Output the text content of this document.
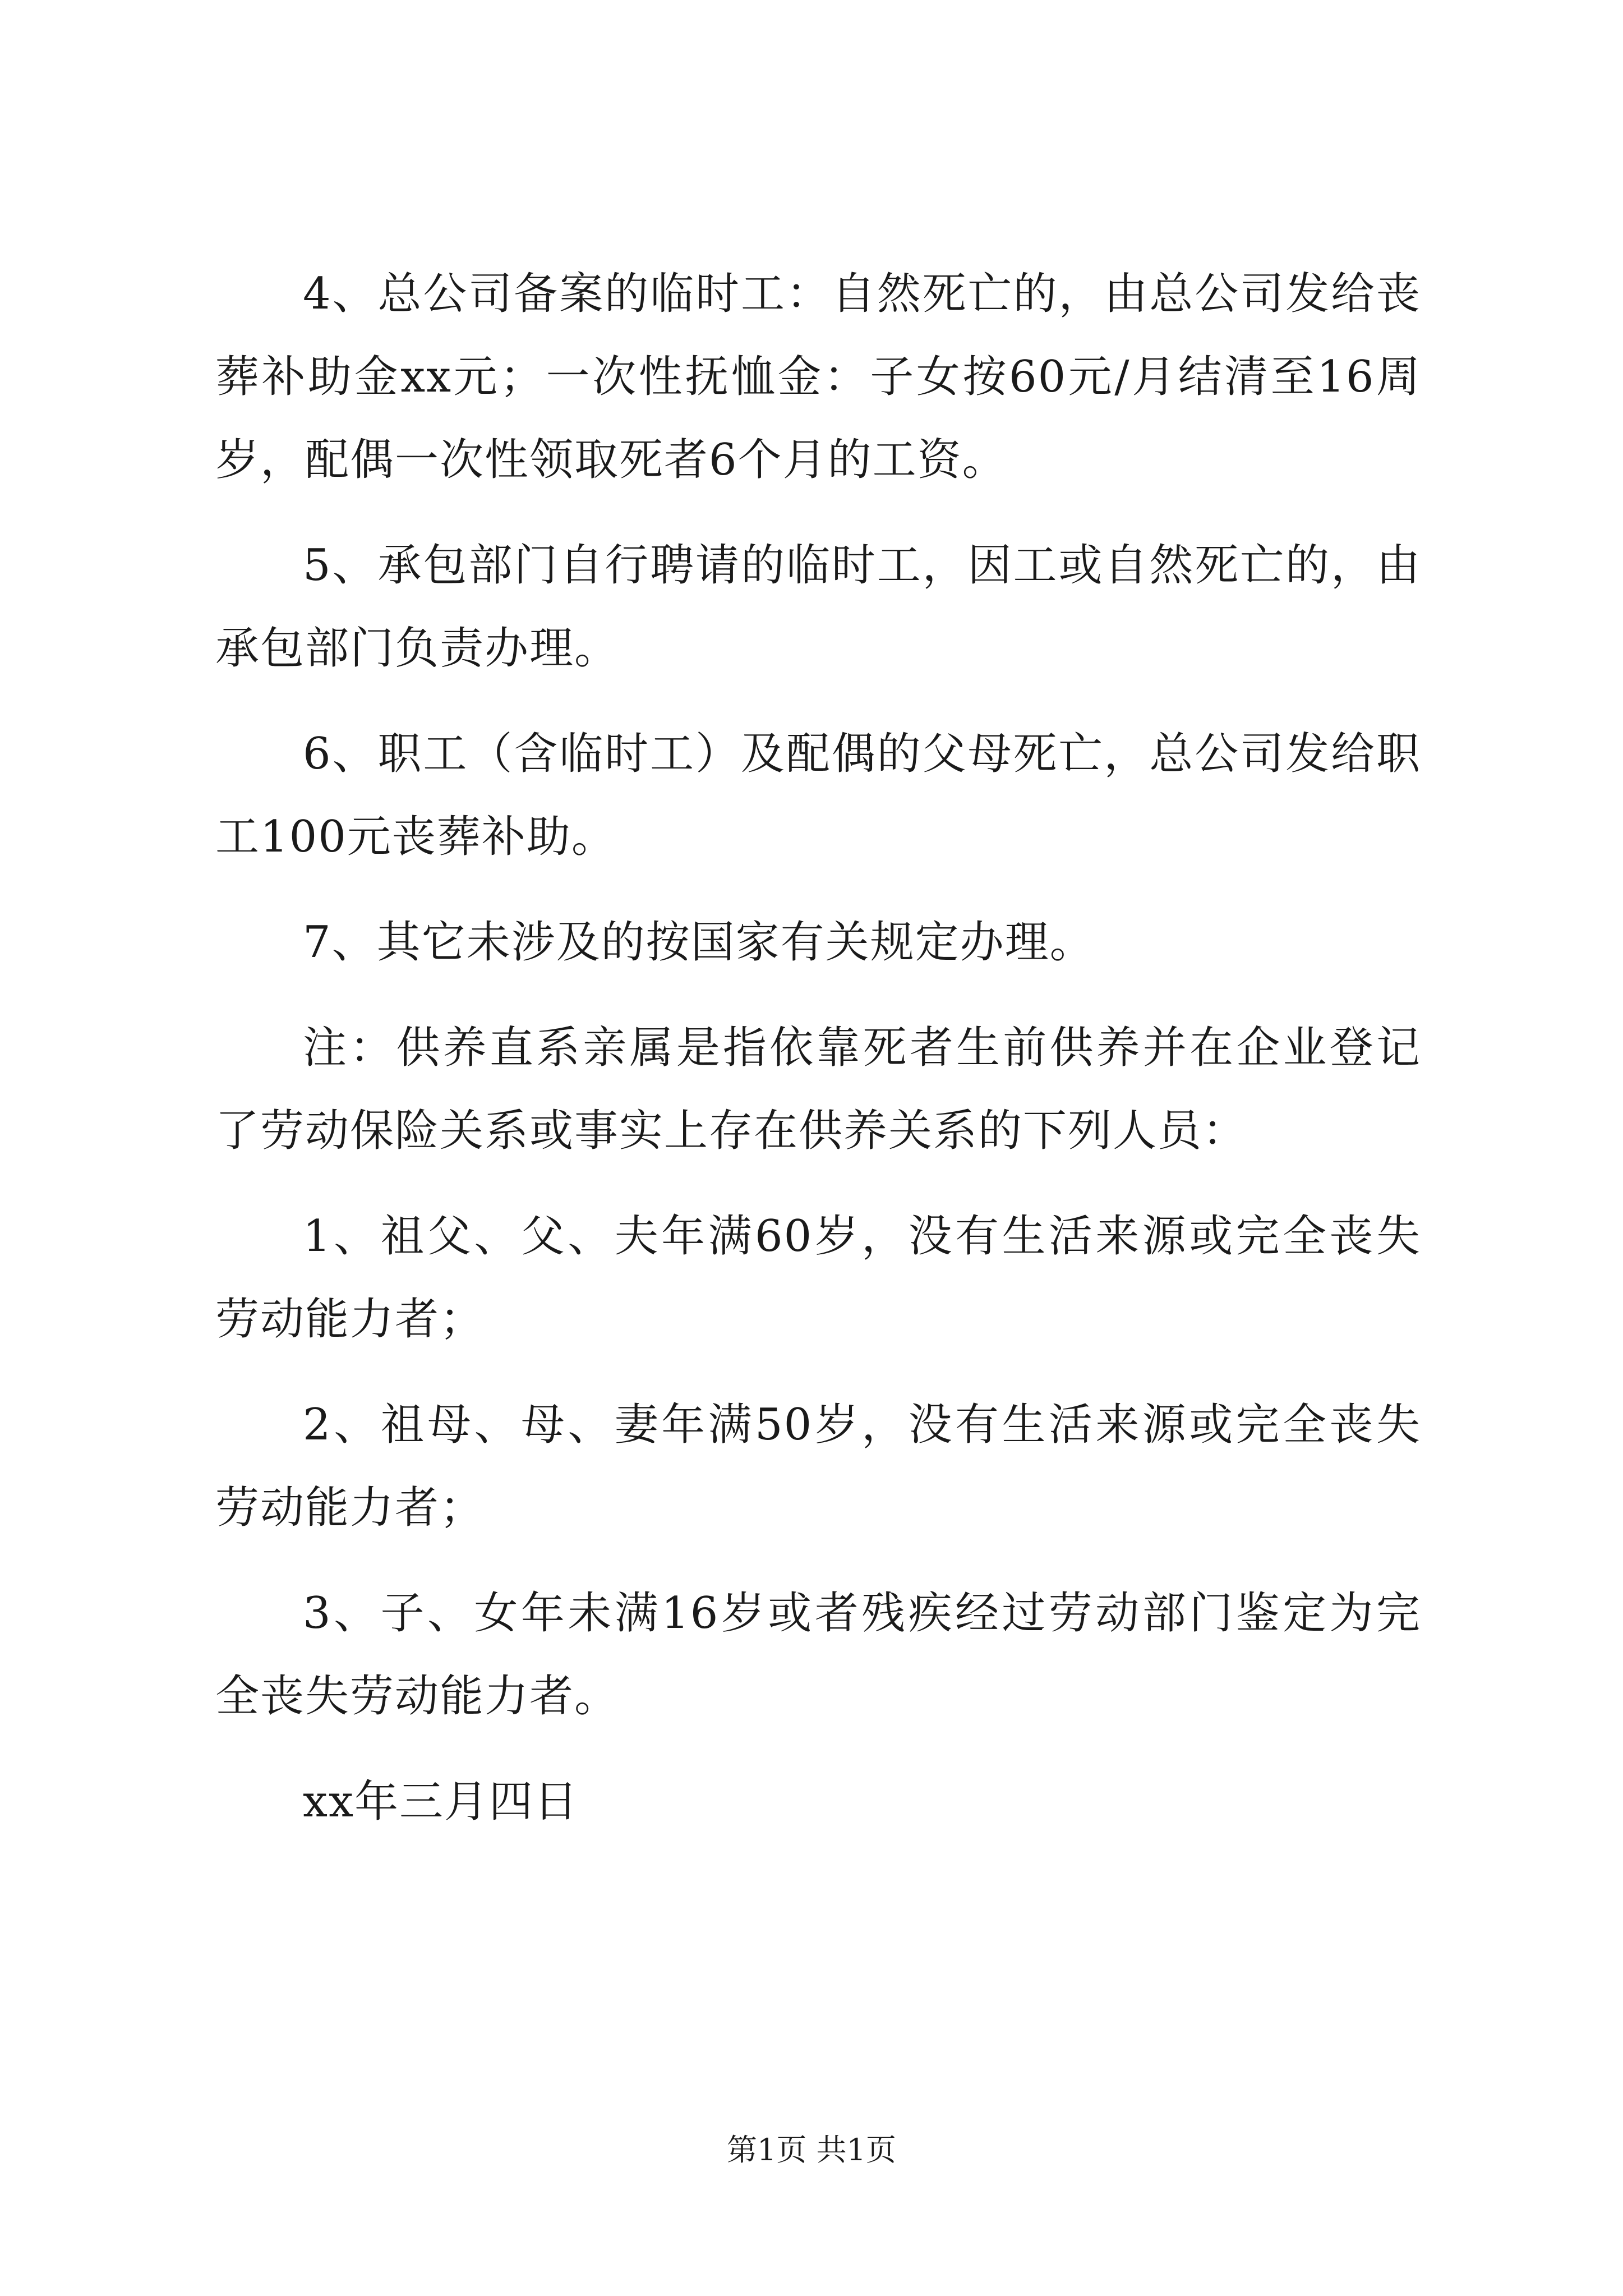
4、总公司备案的临时工：自然死亡的，由总公司发给丧葬补助金xx元；一次性抚恤金：子女按60元/月结清至16周岁，配偶一次性领取死者6个月的工资。

5、承包部门自行聘请的临时工，因工或自然死亡的，由承包部门负责办理。

6、职工（含临时工）及配偶的父母死亡，总公司发给职工100元丧葬补助。

7、其它未涉及的按国家有关规定办理。

注：供养直系亲属是指依靠死者生前供养并在企业登记了劳动保险关系或事实上存在供养关系的下列人员：

1、祖父、父、夫年满60岁，没有生活来源或完全丧失劳动能力者；

2、祖母、母、妻年满50岁，没有生活来源或完全丧失劳动能力者；

3、子、女年未满16岁或者残疾经过劳动部门鉴定为完全丧失劳动能力者。

xx年三月四日

第1页 共1页
